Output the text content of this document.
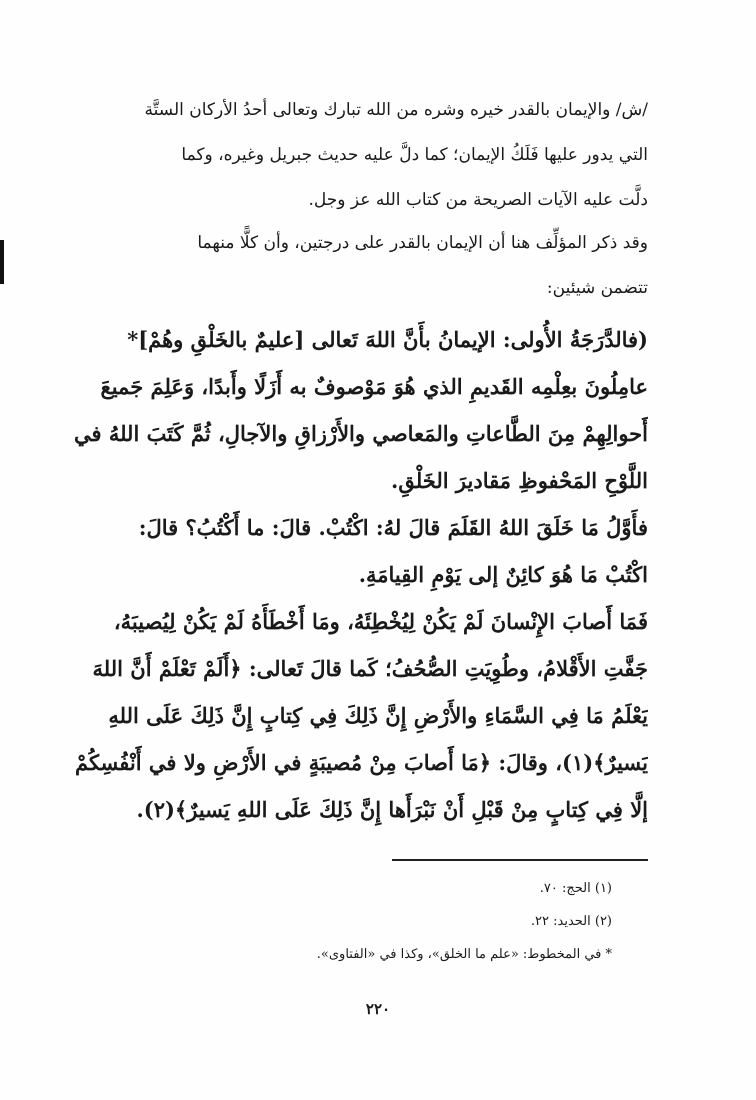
/ش/ والإيمان بالقدر خيره وشره من الله تبارك وتعالى أحدُ الأركان الستَّة
التي يدور عليها فَلَكُ الإيمان؛ كما دلَّ عليه حديث جبريل وغيره، وكما
دلَّت عليه الآيات الصريحة من كتاب الله عز وجل.
وقد ذكر المؤلِّف هنا أن الإيمان بالقدر على درجتين، وأن كلًّا منهما
تتضمن شيئين:
(فالدَّرَجَةُ الأُولى: الإيمانُ بأَنَّ اللهَ تَعالى [عليمٌ بالخَلْقِ وهُمْ]*
عامِلُونَ بعِلْمِه القَديمِ الذي هُوَ مَوْصوفٌ به أَزَلًا وأَبدًا، وَعَلِمَ جَميعَ
أَحوالِهِمْ مِنَ الطَّاعاتِ والمَعاصي والأَرْزاقِ والآجالِ، ثُمَّ كَتَبَ اللهُ في
اللَّوْحِ المَحْفوظِ مَقاديرَ الخَلْقِ.
فأَوَّلُ مَا خَلَقَ اللهُ القَلَمَ قالَ لهُ: اكْتُبْ. قالَ: ما أَكْتُبُ؟ قالَ:
اكْتُبْ مَا هُوَ كائِنٌ إلى يَوْمِ القِيامَةِ.
فَمَا أَصابَ الإِنْسانَ لَمْ يَكُنْ لِيُخْطِئَهُ، ومَا أَخْطَأَهُ لَمْ يَكُنْ لِيُصيبَهُ،
جَفَّتِ الأَقْلامُ، وطُوِيَتِ الصُّحُفُ؛ كَما قالَ تَعالى: ﴿أَلَمْ تَعْلَمْ أَنَّ اللهَ
يَعْلَمُ مَا فِي السَّمَاءِ والأَرْضِ إِنَّ ذَلِكَ فِي كِتابٍ إِنَّ ذَلِكَ عَلَى اللهِ
يَسيرٌ﴾(١)، وقالَ: ﴿مَا أَصابَ مِنْ مُصيبَةٍ في الأَرْضِ ولا في أَنْفُسِكُمْ
إلَّا فِي كِتابٍ مِنْ قَبْلِ أَنْ نَبْرَأَها إِنَّ ذَلِكَ عَلَى اللهِ يَسيرٌ﴾(٢).
(١) الحج: ٧٠.
(٢) الحديد: ٢٢.
* في المخطوط: «علم ما الخلق»، وكذا في «الفتاوى».
٢٢٠
